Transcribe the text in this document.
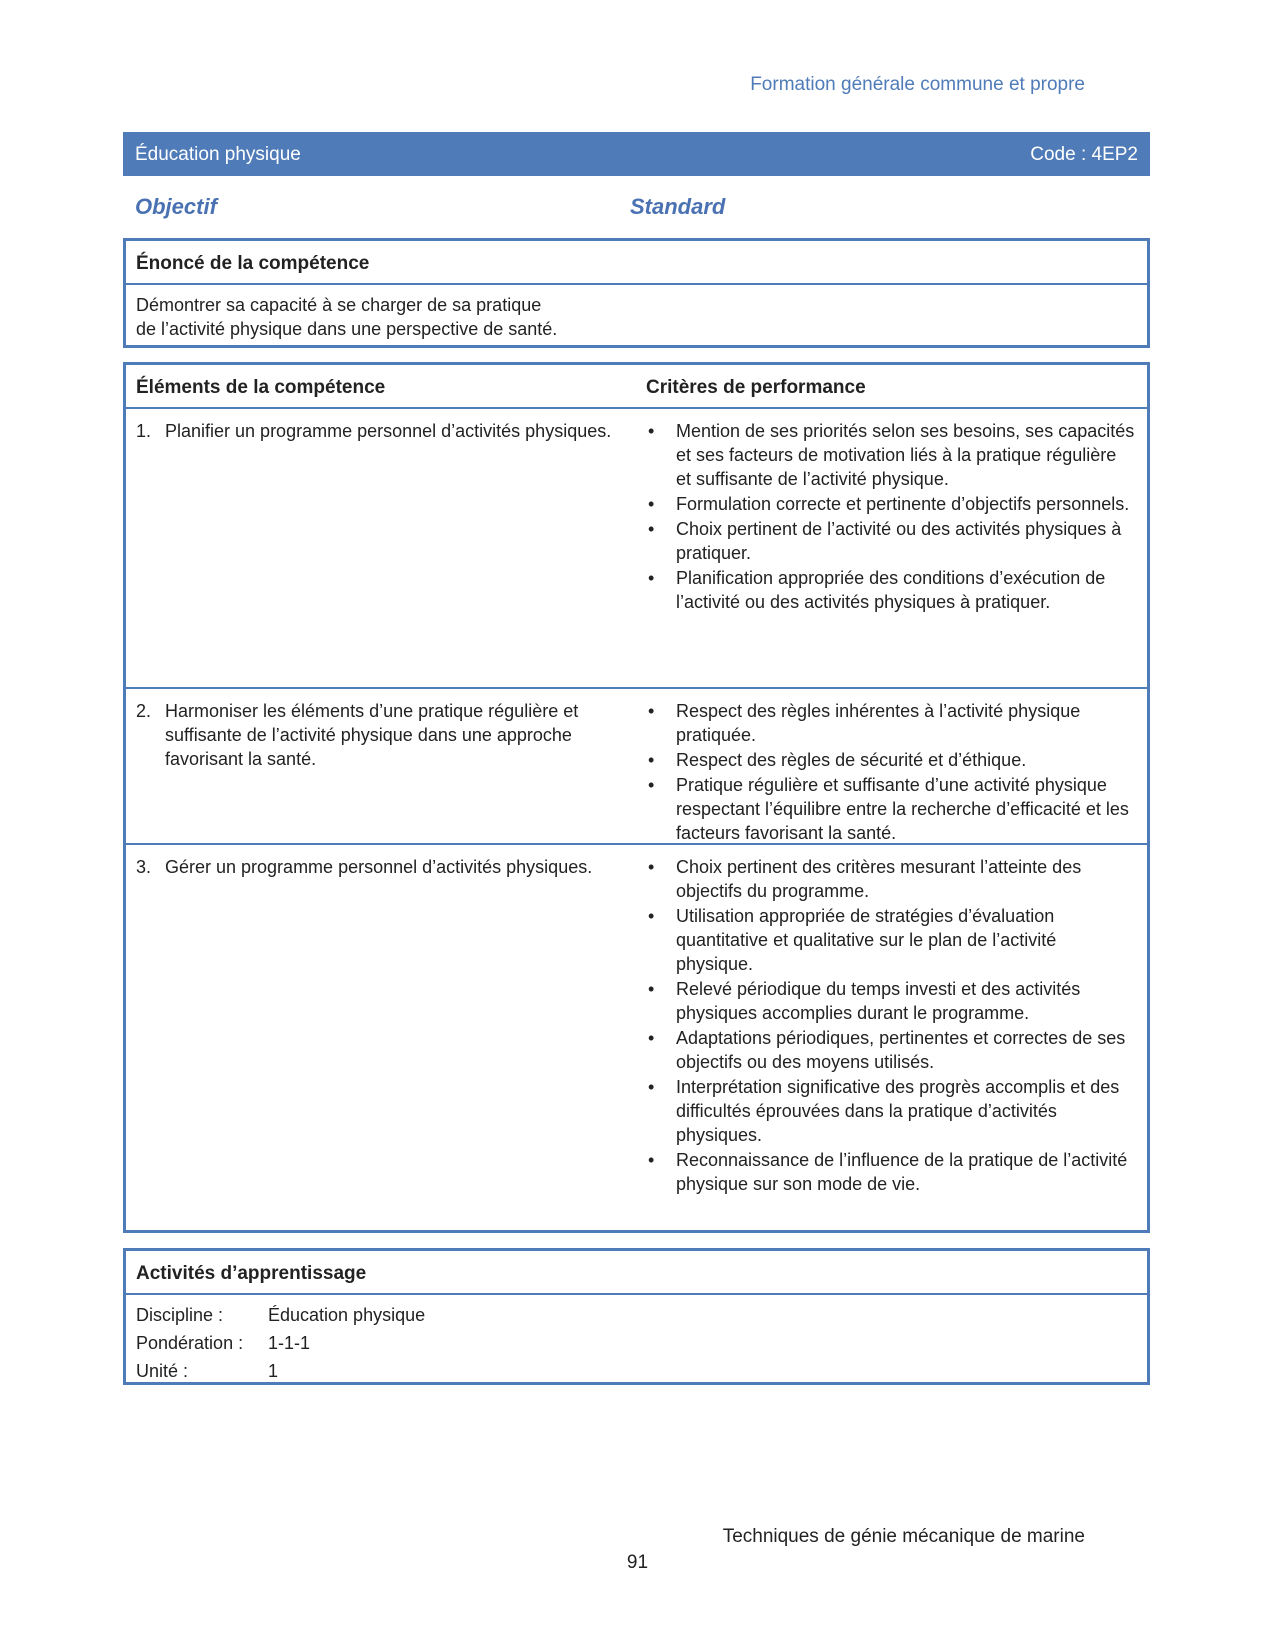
Formation générale commune et propre
Éducation physique	Code : 4EP2
Objectif	Standard
Énoncé de la compétence
Démontrer sa capacité à se charger de sa pratique
de l’activité physique dans une perspective de santé.
Éléments de la compétence	Critères de performance
1. Planifier un programme personnel d’activités physiques. • Mention de ses priorités selon ses besoins, ses capacités et ses facteurs de motivation liés à la pratique régulière et suffisante de l’activité physique.
• Formulation correcte et pertinente d’objectifs personnels.
• Choix pertinent de l’activité ou des activités physiques à pratiquer.
• Planification appropriée des conditions d’exécution de l’activité ou des activités physiques à pratiquer.
2. Harmoniser les éléments d’une pratique régulière et suffisante de l’activité physique dans une approche favorisant la santé.
• Respect des règles inhérentes à l’activité physique pratiquée.
• Respect des règles de sécurité et d’éthique.
• Pratique régulière et suffisante d’une activité physique respectant l’équilibre entre la recherche d’efficacité et les facteurs favorisant la santé.
3. Gérer un programme personnel d’activités physiques.	• Choix pertinent des critères mesurant l’atteinte des objectifs du programme.
• Utilisation appropriée de stratégies d’évaluation quantitative et qualitative sur le plan de l’activité physique.
• Relevé périodique du temps investi et des activités physiques accomplies durant le programme.
• Adaptations périodiques, pertinentes et correctes de ses objectifs ou des moyens utilisés.
• Interprétation significative des progrès accomplis et des difficultés éprouvées dans la pratique d’activités physiques.
• Reconnaissance de l’influence de la pratique de l’activité physique sur son mode de vie.
Activités d’apprentissage
Discipline : Éducation physique
Pondération : 1-1-1
Unité :	1
Techniques de génie mécanique de marine
91
